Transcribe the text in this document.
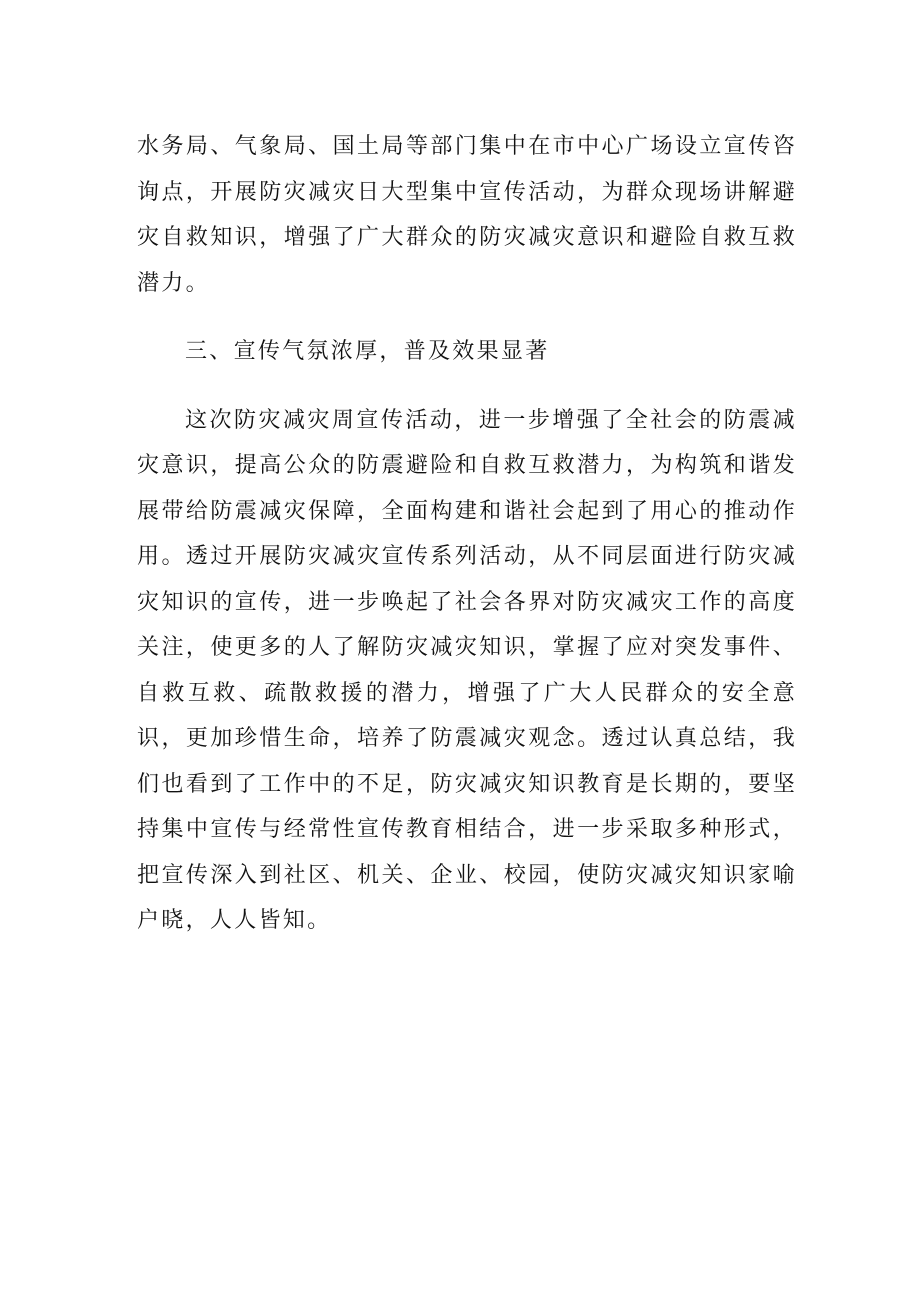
水务局、气象局、国土局等部门集中在市中心广场设立宣传咨询点，开展防灾减灾日大型集中宣传活动，为群众现场讲解避灾自救知识，增强了广大群众的防灾减灾意识和避险自救互救潜力。

三、宣传气氛浓厚，普及效果显著

这次防灾减灾周宣传活动，进一步增强了全社会的防震减灾意识，提高公众的防震避险和自救互救潜力，为构筑和谐发展带给防震减灾保障，全面构建和谐社会起到了用心的推动作用。透过开展防灾减灾宣传系列活动，从不同层面进行防灾减灾知识的宣传，进一步唤起了社会各界对防灾减灾工作的高度关注，使更多的人了解防灾减灾知识，掌握了应对突发事件、自救互救、疏散救援的潜力，增强了广大人民群众的安全意识，更加珍惜生命，培养了防震减灾观念。透过认真总结，我们也看到了工作中的不足，防灾减灾知识教育是长期的，要坚持集中宣传与经常性宣传教育相结合，进一步采取多种形式，把宣传深入到社区、机关、企业、校园，使防灾减灾知识家喻户晓，人人皆知。
